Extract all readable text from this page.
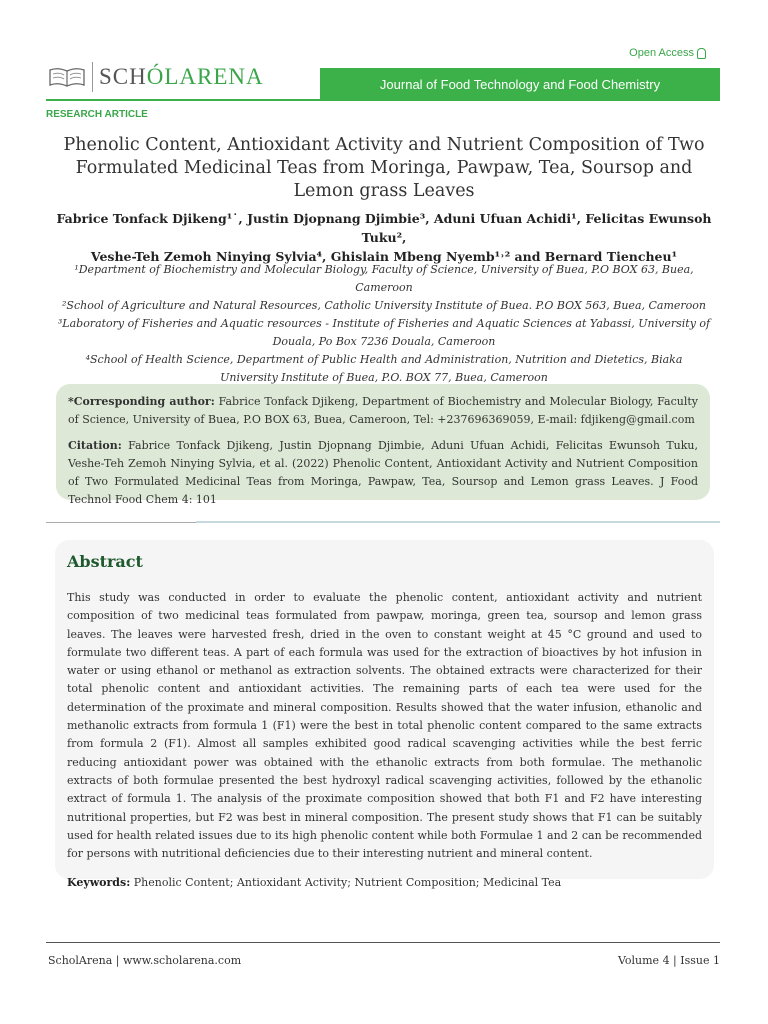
Open Access
SCHÓLARENA	Journal of Food Technology and Food Chemistry
RESEARCH ARTICLE
Phenolic Content, Antioxidant Activity and Nutrient Composition of Two Formulated Medicinal Teas from Moringa, Pawpaw, Tea, Soursop and Lemon grass Leaves
Fabrice Tonfack Djikeng¹˙, Justin Djopnang Djimbie³, Aduni Ufuan Achidi¹, Felicitas Ewunsoh Tuku²,
Veshe-Teh Zemoh Ninying Sylvia⁴, Ghislain Mbeng Nyemb¹˒² and Bernard Tiencheu¹

¹Department of Biochemistry and Molecular Biology, Faculty of Science, University of Buea, P.O BOX 63, Buea, Cameroon

²School of Agriculture and Natural Resources, Catholic University Institute of Buea. P.O BOX 563, Buea, Cameroon

³Laboratory of Fisheries and Aquatic resources - Institute of Fisheries and Aquatic Sciences at Yabassi, University of Douala, Po Box 7236 Douala, Cameroon

⁴School of Health Science, Department of Public Health and Administration, Nutrition and Dietetics, Biaka University Institute of Buea, P.O. BOX 77, Buea, Cameroon

*Corresponding author: Fabrice Tonfack Djikeng, Department of Biochemistry and Molecular Biology, Faculty of Science, University of Buea, P.O BOX 63, Buea, Cameroon, Tel: +237696369059, E-mail: fdjikeng@gmail.com

Citation: Fabrice Tonfack Djikeng, Justin Djopnang Djimbie, Aduni Ufuan Achidi, Felicitas Ewunsoh Tuku, Veshe-Teh Zemoh Ninying Sylvia, et al. (2022) Phenolic Content, Antioxidant Activity and Nutrient Composition of Two Formulated Medicinal Teas from Moringa, Pawpaw, Tea, Soursop and Lemon grass Leaves. J Food Technol Food Chem 4: 101

Abstract

This study was conducted in order to evaluate the phenolic content, antioxidant activity and nutrient composition of two medicinal teas formulated from pawpaw, moringa, green tea, soursop and lemon grass leaves. The leaves were harvested fresh, dried in the oven to constant weight at 45 °C ground and used to formulate two different teas. A part of each formula was used for the extraction of bioactives by hot infusion in water or using ethanol or methanol as extraction solvents. The obtained extracts were characterized for their total phenolic content and antioxidant activities. The remaining parts of each tea were used for the determination of the proximate and mineral composition. Results showed that the water infusion, ethanolic and methanolic extracts from formula 1 (F1) were the best in total phenolic content compared to the same extracts from formula 2 (F1). Almost all samples exhibited good radical scavenging activities while the best ferric reducing antioxidant power was obtained with the ethanolic extracts from both formulae. The methanolic extracts of both formulae presented the best hydroxyl radical scavenging activities, followed by the ethanolic extract of formula 1. The analysis of the proximate composition showed that both F1 and F2 have interesting nutritional properties, but F2 was best in mineral composition. The present study shows that F1 can be suitably used for health related issues due to its high phenolic content while both Formulae 1 and 2 can be recommended for persons with nutritional deficiencies due to their interesting nutrient and mineral content.

Keywords: Phenolic Content; Antioxidant Activity; Nutrient Composition; Medicinal Tea

ScholArena | www.scholarena.com	Volume 4 | Issue 1
